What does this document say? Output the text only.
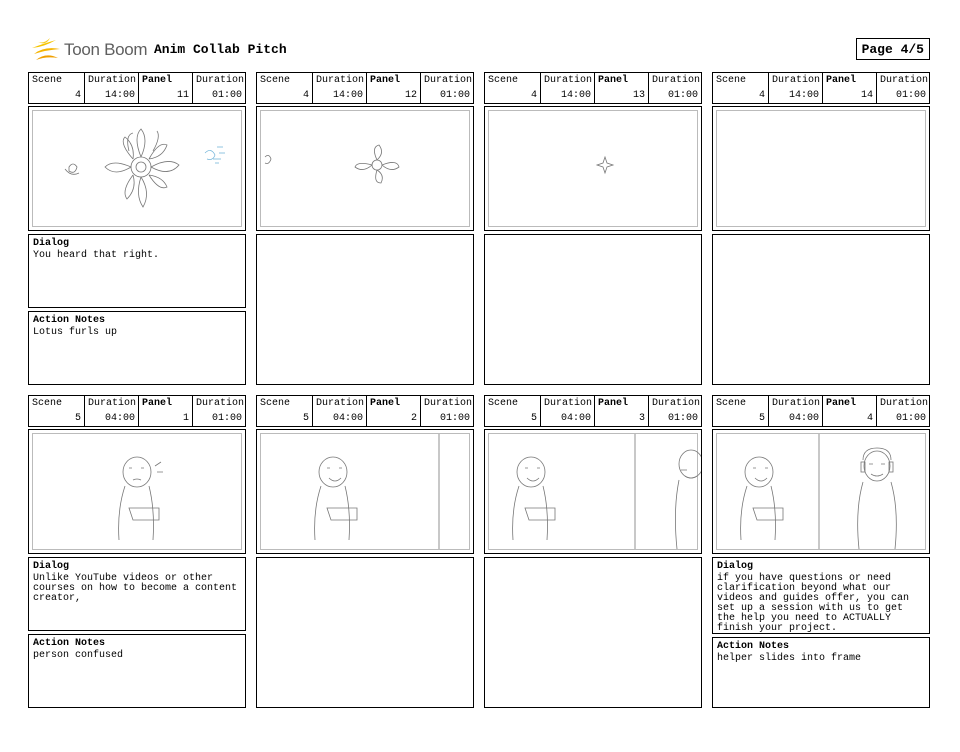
Toon Boom Anim Collab Pitch	Page 4/5
Scene
4
Duration
14:00
Panel
11
Duration
01:00
Dialog
You heard that right.
Action Notes
Lotus furls up
Scene
4
Duration
14:00
Panel
12
Duration
01:00
Scene
4
Duration
14:00
Panel
13
Duration
01:00
Scene
4
Duration
14:00
Panel
14
Duration
01:00
Scene
5
Duration
04:00
Panel
1
Duration
01:00
Dialog
Unlike YouTube videos or other courses on how to become a content creator,
Action Notes
person confused
Scene
5
Duration
04:00
Panel
2
Duration
01:00
Scene
5
Duration
04:00
Panel
3
Duration
01:00
Scene
5
Duration
04:00
Panel
4
Duration
01:00
Dialog
if you have questions or need clarification beyond what our videos and guides offer, you can set up a session with us to get the help you need to ACTUALLY finish your project.
Action Notes
helper slides into frame
